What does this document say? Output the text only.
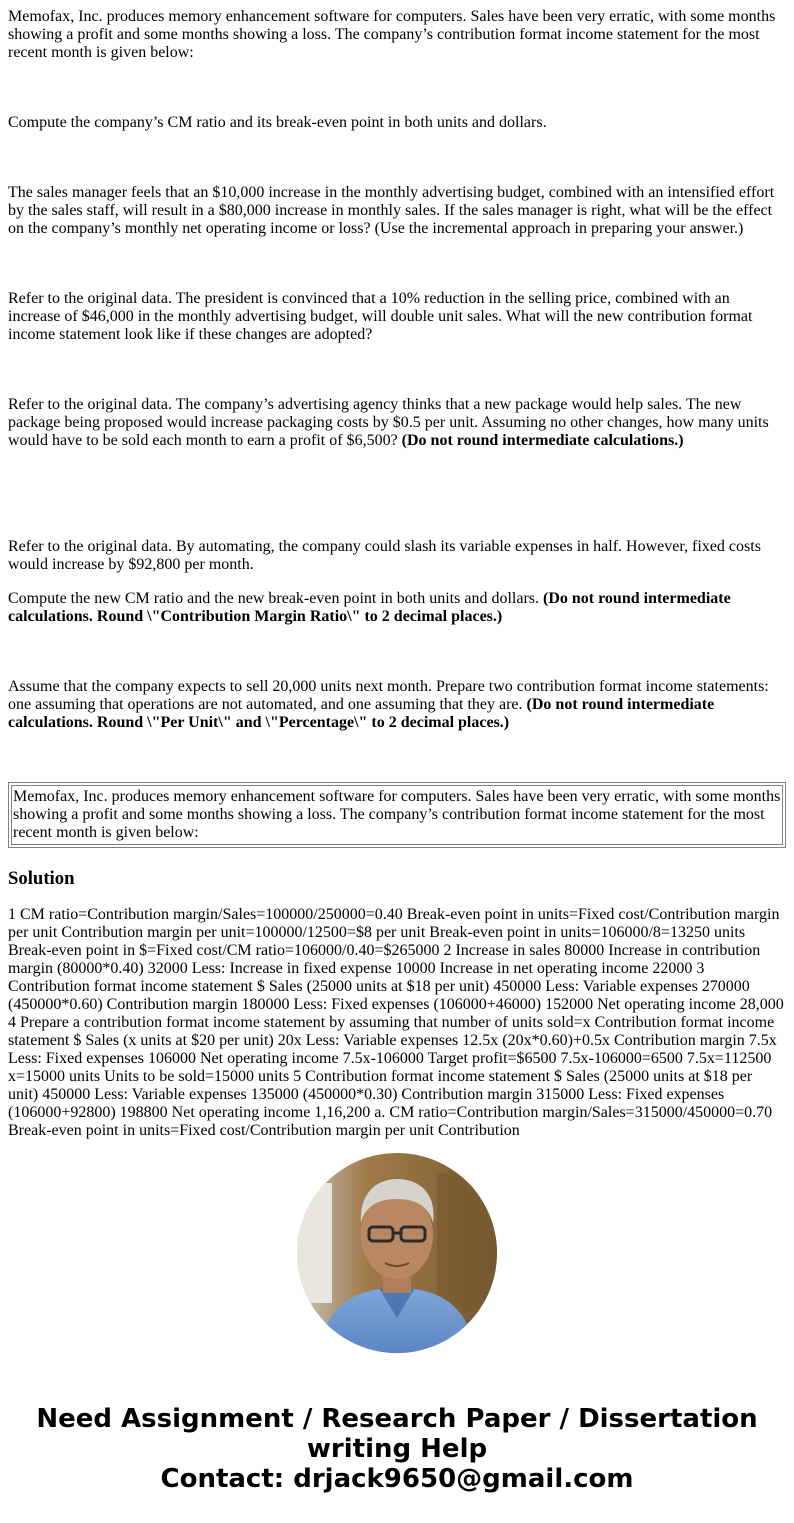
Memofax, Inc. produces memory enhancement software for computers. Sales have been very erratic, with some months showing a profit and some months showing a loss. The company’s contribution format income statement for the most recent month is given below:

Compute the company’s CM ratio and its break-even point in both units and dollars.

The sales manager feels that an $10,000 increase in the monthly advertising budget, combined with an intensified effort by the sales staff, will result in a $80,000 increase in monthly sales. If the sales manager is right, what will be the effect on the company’s monthly net operating income or loss? (Use the incremental approach in preparing your answer.)

Refer to the original data. The president is convinced that a 10% reduction in the selling price, combined with an increase of $46,000 in the monthly advertising budget, will double unit sales. What will the new contribution format income statement look like if these changes are adopted?

Refer to the original data. The company’s advertising agency thinks that a new package would help sales. The new package being proposed would increase packaging costs by $0.5 per unit. Assuming no other changes, how many units would have to be sold each month to earn a profit of $6,500? (Do not round intermediate calculations.)

Refer to the original data. By automating, the company could slash its variable expenses in half. However, fixed costs would increase by $92,800 per month.

Compute the new CM ratio and the new break-even point in both units and dollars. (Do not round intermediate calculations. Round \"Contribution Margin Ratio\" to 2 decimal places.)

Assume that the company expects to sell 20,000 units next month. Prepare two contribution format income statements: one assuming that operations are not automated, and one assuming that they are. (Do not round intermediate calculations. Round \"Per Unit\" and \"Percentage\" to 2 decimal places.)

Memofax, Inc. produces memory enhancement software for computers. Sales have been very erratic, with some months showing a profit and some months showing a loss. The company’s contribution format income statement for the most recent month is given below:
Solution

1 CM ratio=Contribution margin/Sales=100000/250000=0.40 Break-even point in units=Fixed cost/Contribution margin per unit Contribution margin per unit=100000/12500=$8 per unit Break-even point in units=106000/8=13250 units Break-even point in $=Fixed cost/CM ratio=106000/0.40=$265000 2 Increase in sales 80000 Increase in contribution margin (80000*0.40) 32000 Less: Increase in fixed expense 10000 Increase in net operating income 22000 3 Contribution format income statement $ Sales (25000 units at $18 per unit) 450000 Less: Variable expenses 270000 (450000*0.60) Contribution margin 180000 Less: Fixed expenses (106000+46000) 152000 Net operating income 28,000 4 Prepare a contribution format income statement by assuming that number of units sold=x Contribution format income statement $ Sales (x units at $20 per unit) 20x Less: Variable expenses 12.5x (20x*0.60)+0.5x Contribution margin 7.5x Less: Fixed expenses 106000 Net operating income 7.5x-106000 Target profit=$6500 7.5x-106000=6500 7.5x=112500 x=15000 units Units to be sold=15000 units 5 Contribution format income statement $ Sales (25000 units at $18 per unit) 450000 Less: Variable expenses 135000 (450000*0.30) Contribution margin 315000 Less: Fixed expenses (106000+92800) 198800 Net operating income 1,16,200 a. CM ratio=Contribution margin/Sales=315000/450000=0.70 Break-even point in units=Fixed cost/Contribution margin per unit Contribution

Need Assignment / Research Paper / Dissertation writing Help
Contact: drjack9650@gmail.com
